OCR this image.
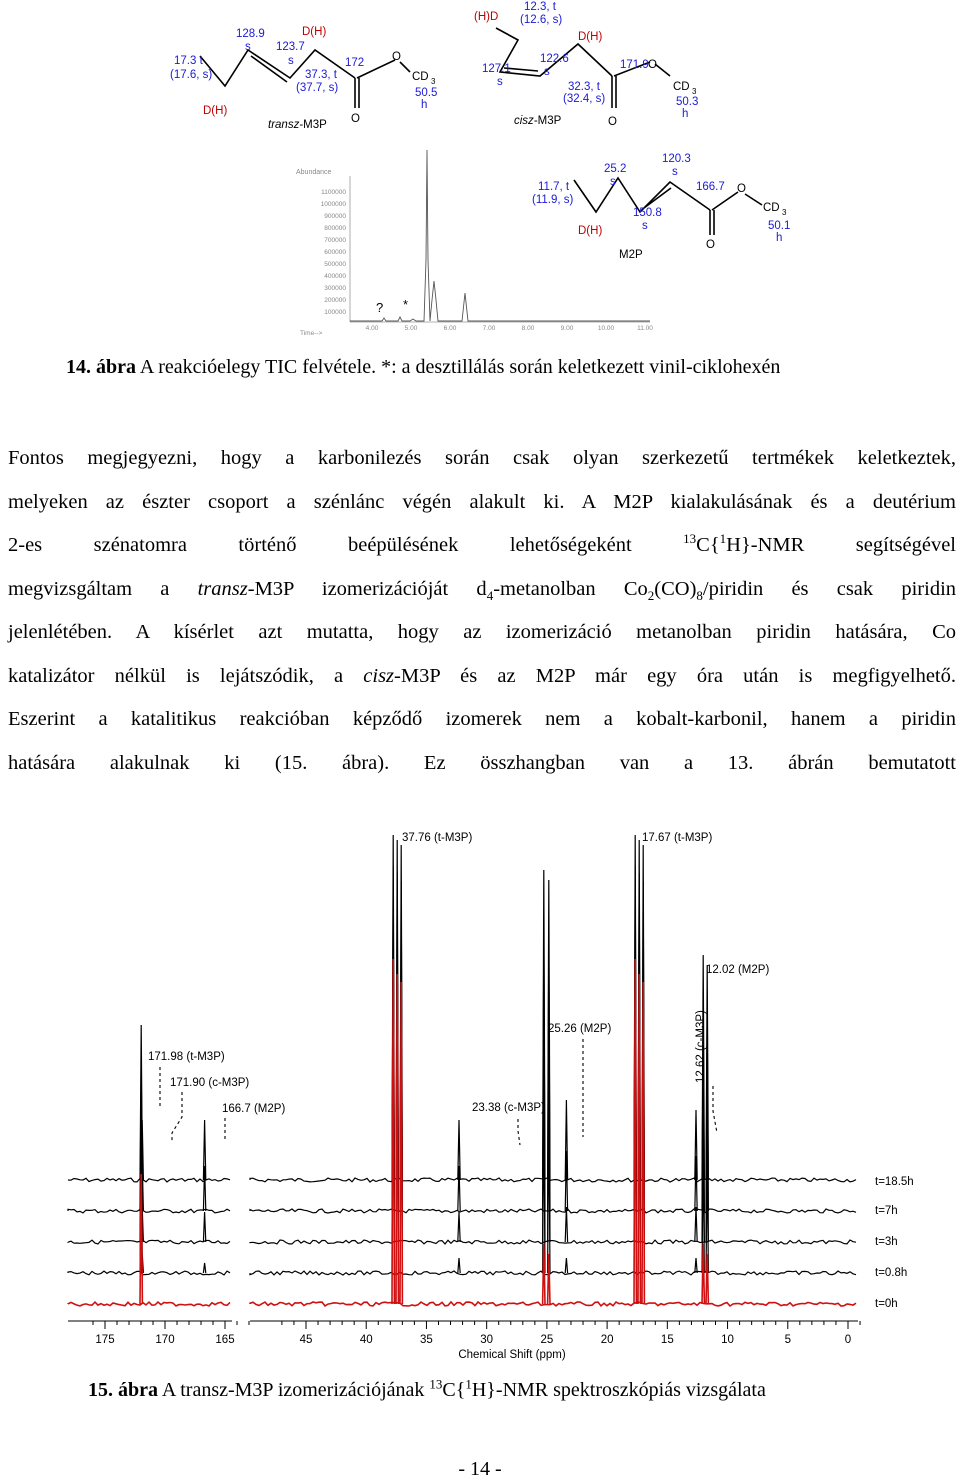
17.3 t
(17.6, s)
D(H)
128.9
s 123.7
s
D(H)
37.3, t
(37.7, s)
172 O
O
CD 3
50.5
h
transz-M3P
(H)D
12.3, t
(12.6, s)
127.1
s
122.6
s
D(H)
32.3, t
(32.4, s)
171.9 O
O
CD 3
50.3
h
cisz-M3P
Abundance
Time-->
1100000
1000000
900000
800000
700000
600000
500000
400000
300000
200000
100000
4.00	5.00	6.00	7.00	8.00	9.00	10.00	11.00
? *
11.7, t
(11.9, s)
D(H)
25.2
s
150.8
s
120.3
s
166.7 O
O
CD 3
50.1
h
M2P
14. ábra A reakcióelegy TIC felvétele. *: a desztillálás során keletkezett vinil-ciklohexén
Fontos megjegyezni, hogy a karbonilezés során csak olyan szerkezetű tertmékek keletkeztek,
melyeken az észter csoport a szénlánc végén alakult ki. A M2P kialakulásának és a deutérium
2-es szénatomra történő beépülésének lehetőségeként	$^{13}$C{$^1$H}-NMR segítségével
megvizsgáltam a transz-M3P izomerizációját $d_4$-metanolban $Co_2(CO)_8$/piridin és csak piridin
jelenlétében. A kísérlet azt mutatta, hogy az izomerizáció metanolban piridin hatására, Co
katalizátor nélkül is lejátszódik, a cisz-M3P és az M2P már egy óra után is megfigyelhető.
Eszerint a katalitikus reakcióban képződő izomerek nem a kobalt-karbonil, hanem a piridin
hatására alakulnak ki (15. ábra). Ez összhangban van a 13. ábrán bemutatott
37.76 (t-M3P)	17.67 (t-M3P)
12.02 (M2P)
25.26 (M2P)	12.62 (c-M3P)
171.98 (t-M3P)
171.90 (c-M3P)
166.7 (M2P)	23.38 (c-M3P)
t=18.5h
t=7h
t=3h
t=0.8h
t=0h
Chemical Shift (ppm)
175	170	165	45	40	35	30	25	20	15	10	5	0
15. ábra A transz-M3P izomerizációjának $^{13}$C{$^1$H}-NMR spektroszkópiás vizsgálata
- 14 -
